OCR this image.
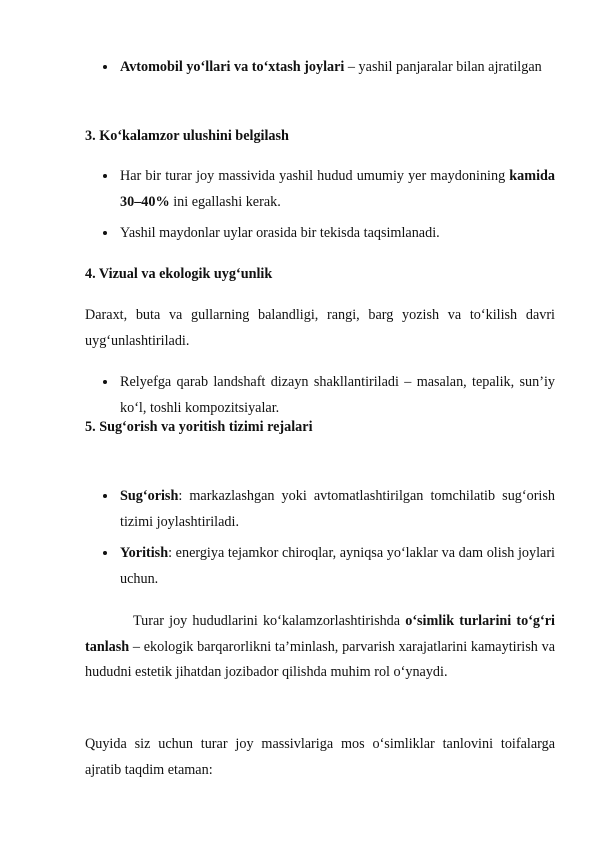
Avtomobil yo‘llari va to‘xtash joylari – yashil panjaralar bilan ajratilgan
3. Ko‘kalamzor ulushini belgilash
Har bir turar joy massivida yashil hudud umumiy yer maydonining kamida 30–40% ini egallashi kerak.
Yashil maydonlar uylar orasida bir tekisda taqsimlanadi.
4. Vizual va ekologik uyg‘unlik

Daraxt, buta va gullarning balandligi, rangi, barg yozish va to‘kilish davri uyg‘unlashtiriladi.

Relyefga qarab landshaft dizayn shakllantiriladi – masalan, tepalik, sun’iy ko‘l, toshli kompozitsiyalar.
5. Sug‘orish va yoritish tizimi rejalari
Sug‘orish: markazlashgan yoki avtomatlashtirilgan tomchilatib sug‘orish tizimi joylashtiriladi.
Yoritish: energiya tejamkor chiroqlar, ayniqsa yo‘laklar va dam olish joylari uchun.

Turar joy hududlarini ko‘kalamzorlashtirishda o‘simlik turlarini to‘g‘ri tanlash – ekologik barqarorlikni ta’minlash, parvarish xarajatlarini kamaytirish va hududni estetik jihatdan jozibador qilishda muhim rol o‘ynaydi.

Quyida siz uchun turar joy massivlariga mos o‘simliklar tanlovini toifalarga ajratib taqdim etaman:
